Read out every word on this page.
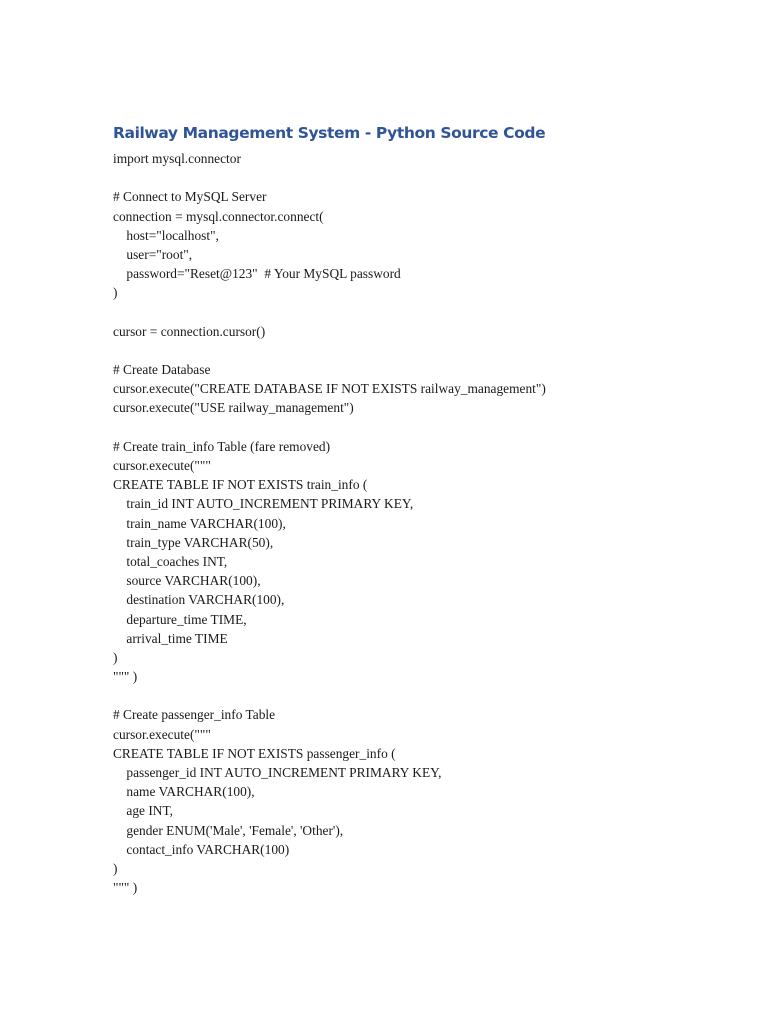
Railway Management System - Python Source Code
import mysql.connector
# Connect to MySQL Server
connection = mysql.connector.connect(
host="localhost",
user="root",
password="Reset@123"  # Your MySQL password
)
cursor = connection.cursor()
# Create Database
cursor.execute("CREATE DATABASE IF NOT EXISTS railway_management")
cursor.execute("USE railway_management")
# Create train_info Table (fare removed)
cursor.execute("""
CREATE TABLE IF NOT EXISTS train_info (
train_id INT AUTO_INCREMENT PRIMARY KEY,
train_name VARCHAR(100),
train_type VARCHAR(50),
total_coaches INT,
source VARCHAR(100),
destination VARCHAR(100),
departure_time TIME,
arrival_time TIME
)
""" )
# Create passenger_info Table
cursor.execute("""
CREATE TABLE IF NOT EXISTS passenger_info (
passenger_id INT AUTO_INCREMENT PRIMARY KEY,
name VARCHAR(100),
age INT,
gender ENUM('Male', 'Female', 'Other'),
contact_info VARCHAR(100)
)
""" )
